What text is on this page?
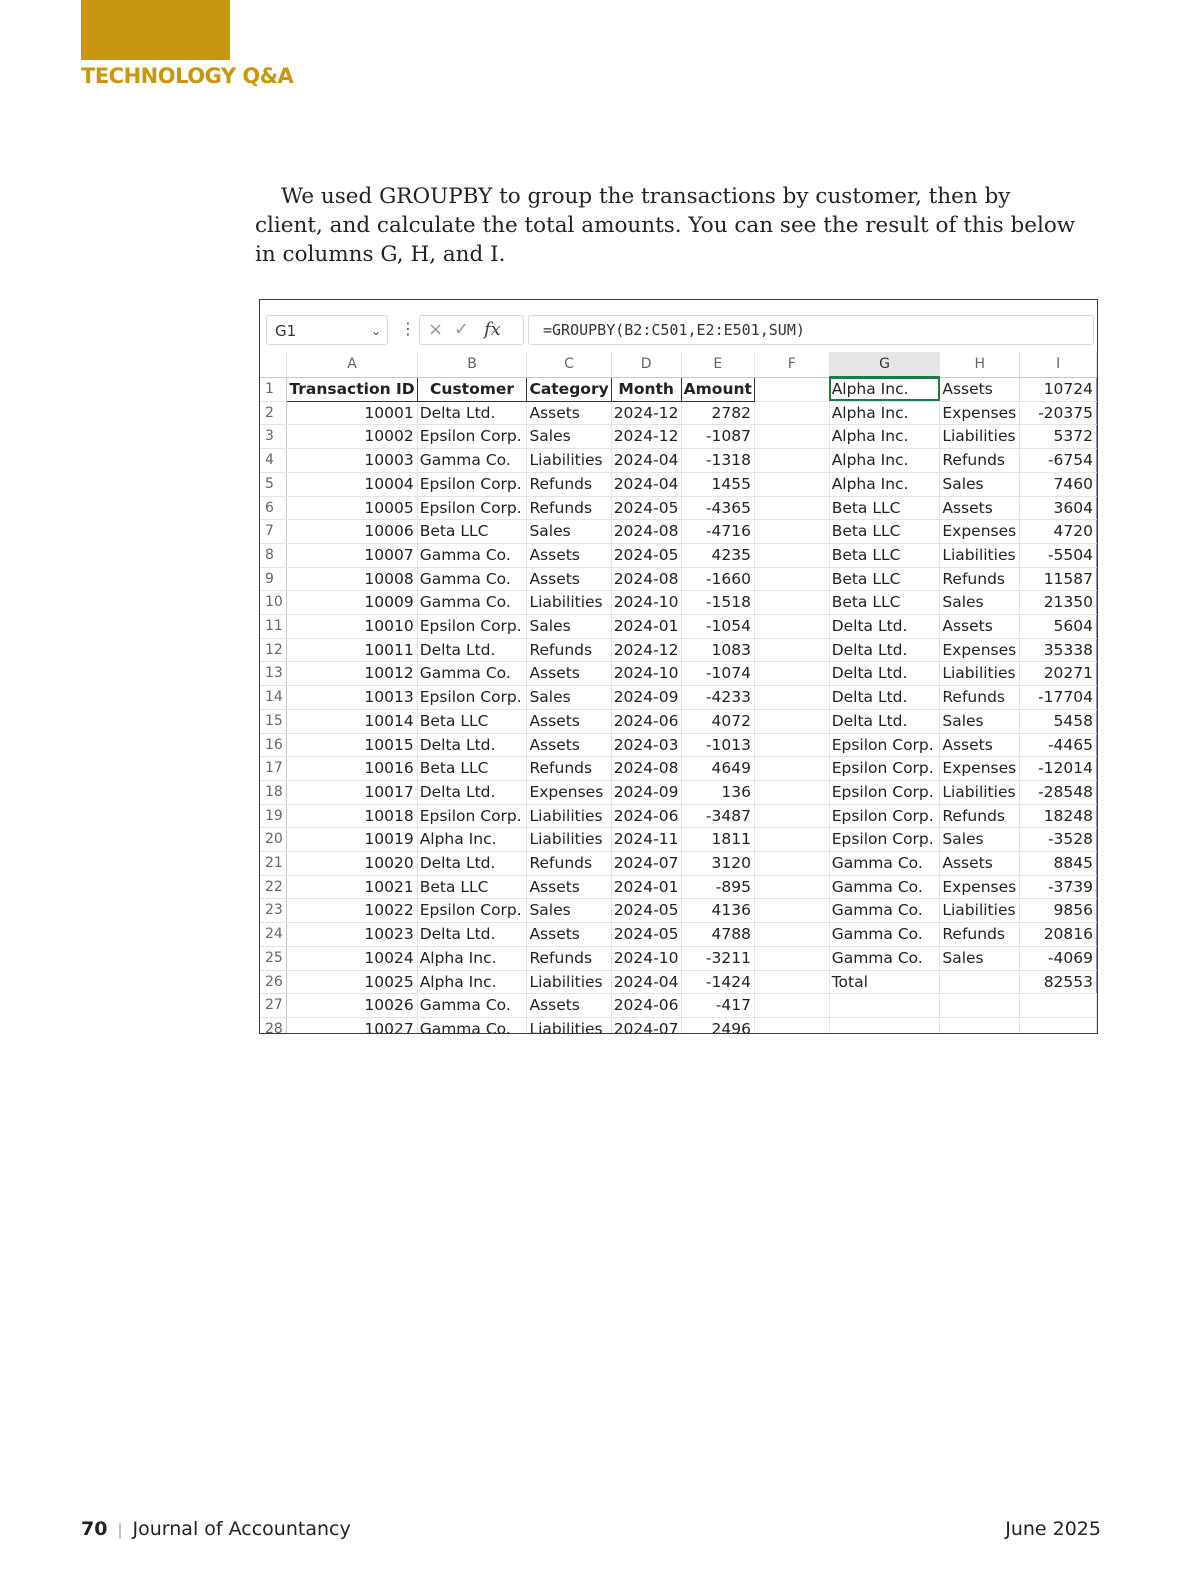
TECHNOLOGY Q&A

We used GROUPBY to group the transactions by customer, then by client, and calculate the total amounts. You can see the result of this below in columns G, H, and I.

G1	⌄ ⋮ × ✓ fx	=GROUPBY(B2:C501,E2:E501,SUM)
	A	B	C	D	E	F	G	H	I
1	Transaction ID	Customer	Category	Month	Amount		Alpha Inc.	Assets	10724
2	10001	Delta Ltd.	Assets	2024-12	2782		Alpha Inc.	Expenses	-20375
3	10002	Epsilon Corp.	Sales	2024-12	-1087		Alpha Inc.	Liabilities	5372
4	10003	Gamma Co.	Liabilities	2024-04	-1318		Alpha Inc.	Refunds	-6754
5	10004	Epsilon Corp.	Refunds	2024-04	1455		Alpha Inc.	Sales	7460
6	10005	Epsilon Corp.	Refunds	2024-05	-4365		Beta LLC	Assets	3604
7	10006	Beta LLC	Sales	2024-08	-4716		Beta LLC	Expenses	4720
8	10007	Gamma Co.	Assets	2024-05	4235		Beta LLC	Liabilities	-5504
9	10008	Gamma Co.	Assets	2024-08	-1660		Beta LLC	Refunds	11587
10	10009	Gamma Co.	Liabilities	2024-10	-1518		Beta LLC	Sales	21350
11	10010	Epsilon Corp.	Sales	2024-01	-1054		Delta Ltd.	Assets	5604
12	10011	Delta Ltd.	Refunds	2024-12	1083		Delta Ltd.	Expenses	35338
13	10012	Gamma Co.	Assets	2024-10	-1074		Delta Ltd.	Liabilities	20271
14	10013	Epsilon Corp.	Sales	2024-09	-4233		Delta Ltd.	Refunds	-17704
15	10014	Beta LLC	Assets	2024-06	4072		Delta Ltd.	Sales	5458
16	10015	Delta Ltd.	Assets	2024-03	-1013		Epsilon Corp.	Assets	-4465
17	10016	Beta LLC	Refunds	2024-08	4649		Epsilon Corp.	Expenses	-12014
18	10017	Delta Ltd.	Expenses	2024-09	136		Epsilon Corp.	Liabilities	-28548
19	10018	Epsilon Corp.	Liabilities	2024-06	-3487		Epsilon Corp.	Refunds	18248
20	10019	Alpha Inc.	Liabilities	2024-11	1811		Epsilon Corp.	Sales	-3528
21	10020	Delta Ltd.	Refunds	2024-07	3120		Gamma Co.	Assets	8845
22	10021	Beta LLC	Assets	2024-01	-895		Gamma Co.	Expenses	-3739
23	10022	Epsilon Corp.	Sales	2024-05	4136		Gamma Co.	Liabilities	9856
24	10023	Delta Ltd.	Assets	2024-05	4788		Gamma Co.	Refunds	20816
25	10024	Alpha Inc.	Refunds	2024-10	-3211		Gamma Co.	Sales	-4069
26	10025	Alpha Inc.	Liabilities	2024-04	-1424		Total		82553
27	10026	Gamma Co.	Assets	2024-06	-417				
28	10027	Gamma Co.	Liabilities	2024-07	2496				
70 | Journal of Accountancy	June 2025
